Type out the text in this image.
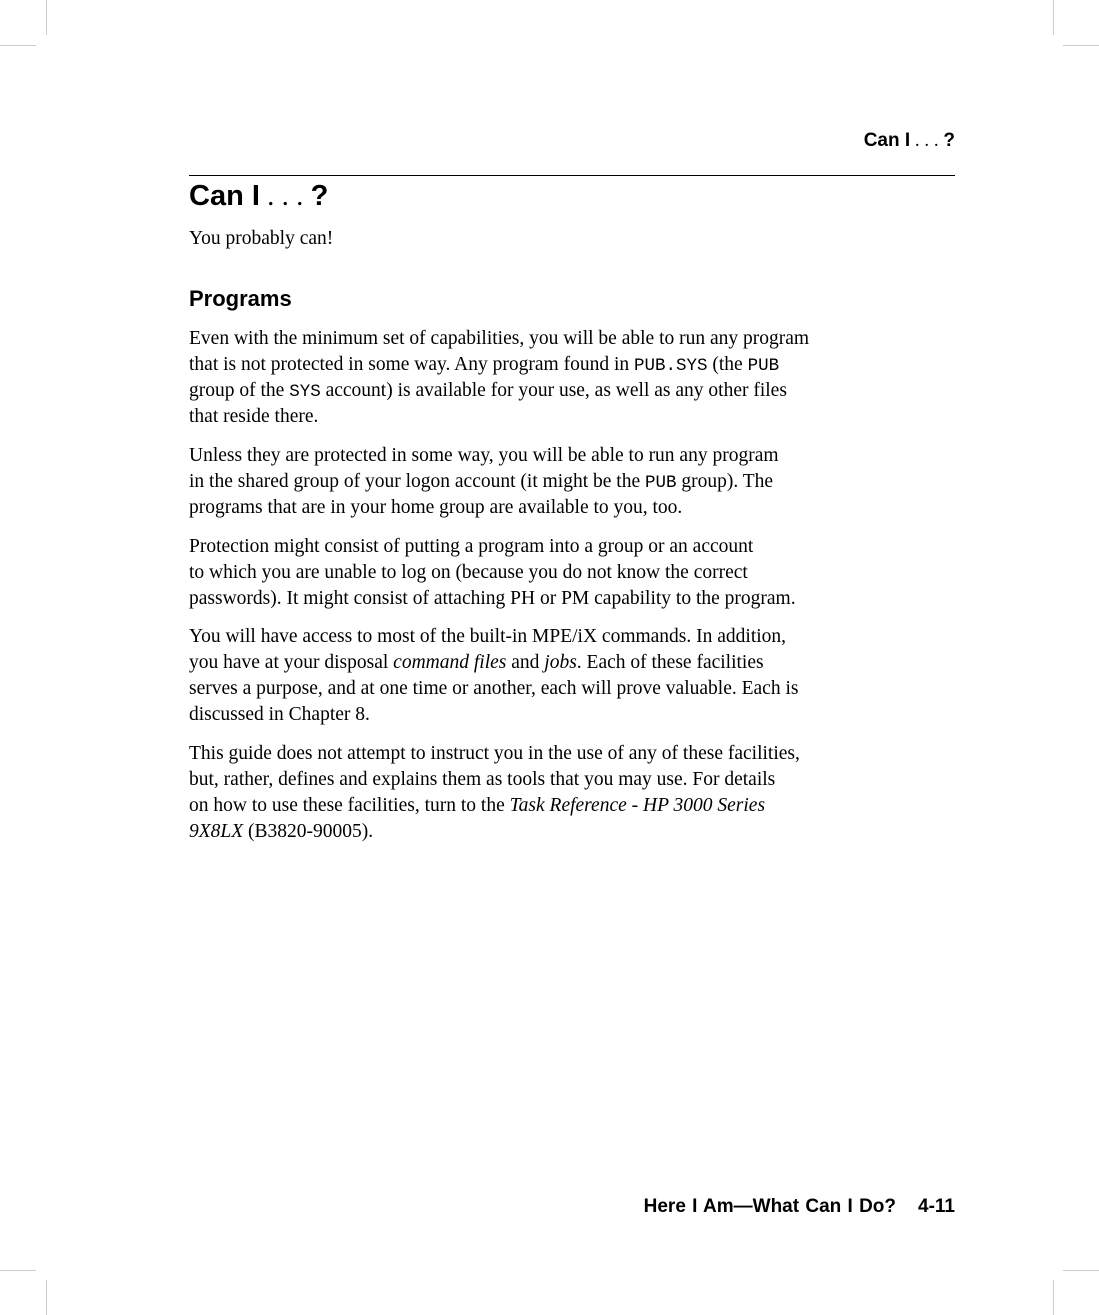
Can I . . . ?
Can I . . . ?
You probably can!
Programs
Even with the minimum set of capabilities, you will be able to run any program
that is not protected in some way. Any program found in PUB.SYS (the PUB
group of the SYS account) is available for your use, as well as any other files
that reside there.
Unless they are protected in some way, you will be able to run any program
in the shared group of your logon account (it might be the PUB group). The
programs that are in your home group are available to you, too.
Protection might consist of putting a program into a group or an account
to which you are unable to log on (because you do not know the correct
passwords). It might consist of attaching PH or PM capability to the program.
You will have access to most of the built-in MPE/iX commands. In addition,
you have at your disposal command files and jobs. Each of these facilities
serves a purpose, and at one time or another, each will prove valuable. Each is
discussed in Chapter 8.
This guide does not attempt to instruct you in the use of any of these facilities,
but, rather, defines and explains them as tools that you may use. For details
on how to use these facilities, turn to the Task Reference - HP 3000 Series
9X8LX (B3820-90005).
Here I Am—What Can I Do? 4-11
